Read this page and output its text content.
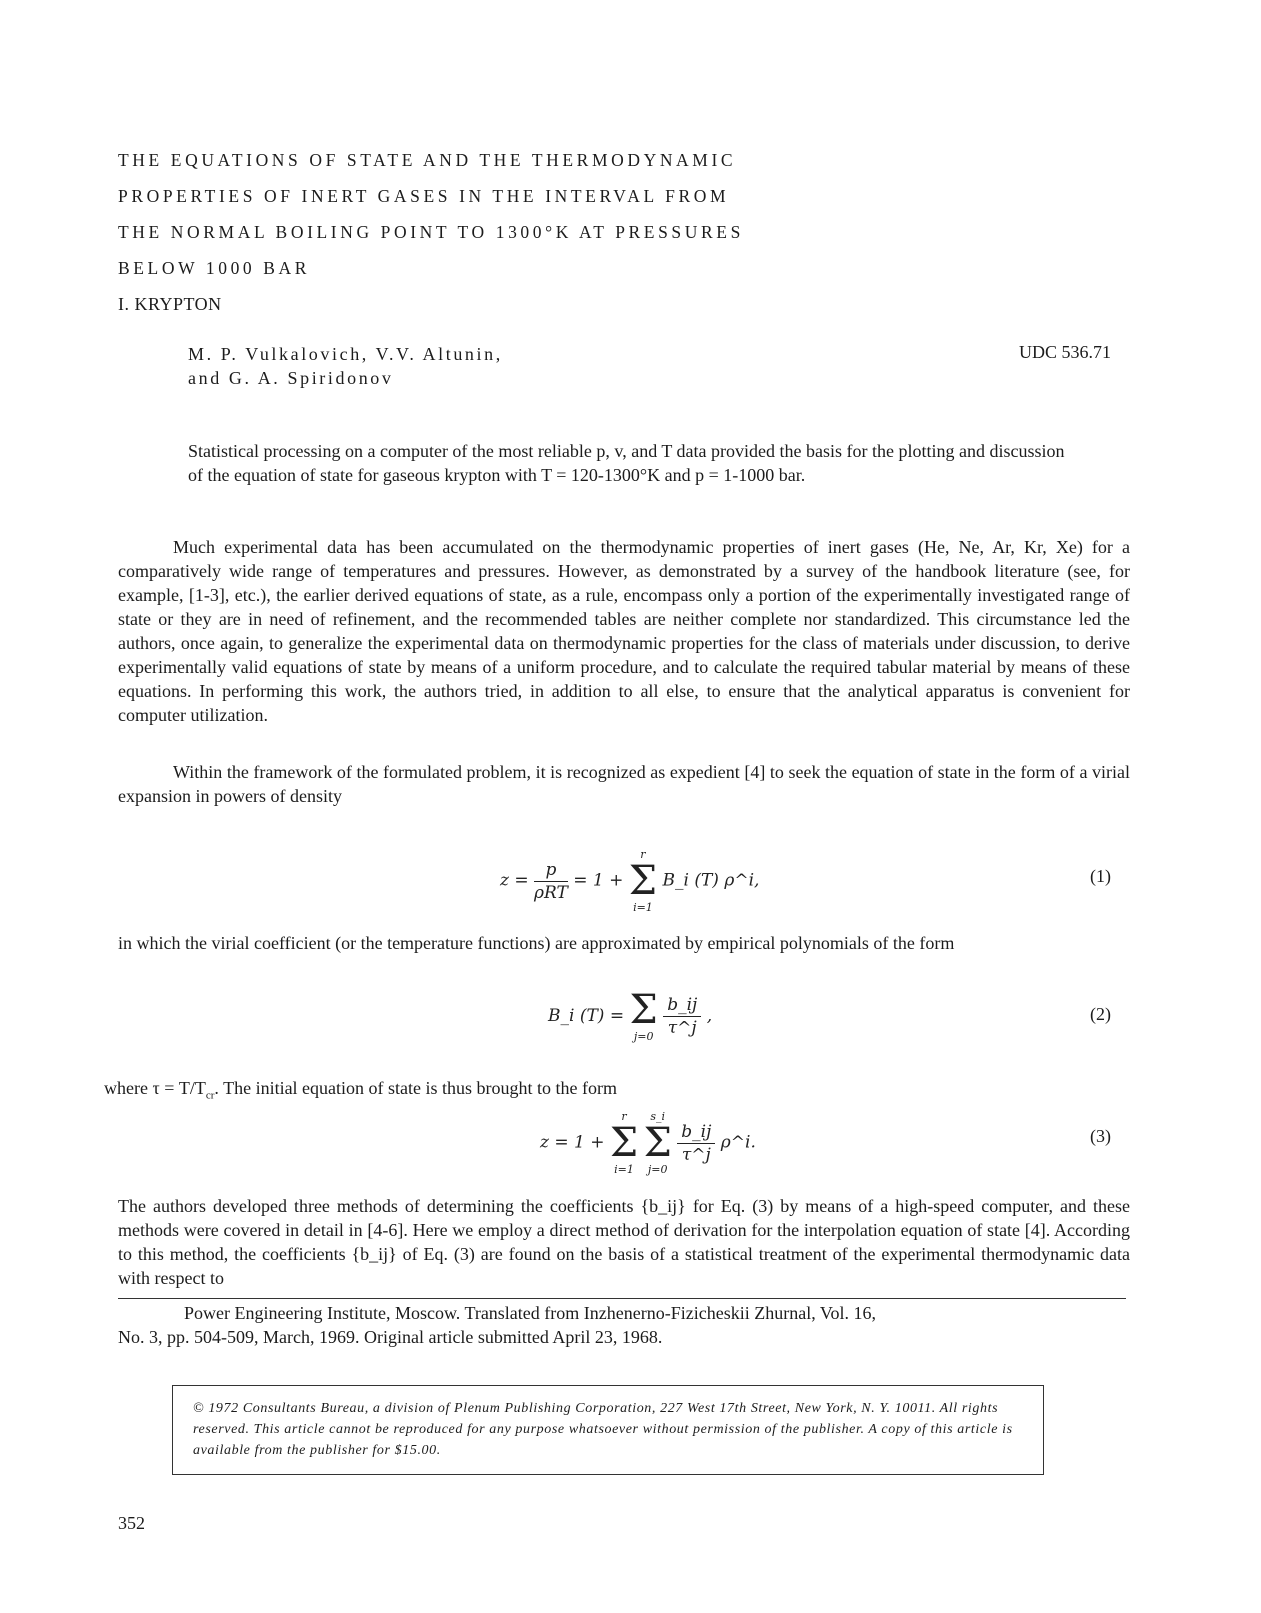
THE EQUATIONS OF STATE AND THE THERMODYNAMIC
PROPERTIES OF INERT GASES IN THE INTERVAL FROM
THE NORMAL BOILING POINT TO 1300°K AT PRESSURES
BELOW 1000 BAR
I. KRYPTON
M. P. Vulkalovich, V.V. Altunin,
and G. A. Spiridonov
UDC 536.71
Statistical processing on a computer of the most reliable p, v, and T data provided the basis for the plotting and discussion of the equation of state for gaseous krypton with T = 120-1300°K and p = 1-1000 bar.
Much experimental data has been accumulated on the thermodynamic properties of inert gases (He, Ne, Ar, Kr, Xe) for a comparatively wide range of temperatures and pressures. However, as demonstrated by a survey of the handbook literature (see, for example, [1-3], etc.), the earlier derived equations of state, as a rule, encompass only a portion of the experimentally investigated range of state or they are in need of refinement, and the recommended tables are neither complete nor standardized. This circumstance led the authors, once again, to generalize the experimental data on thermodynamic properties for the class of materials under discussion, to derive experimentally valid equations of state by means of a uniform procedure, and to calculate the required tabular material by means of these equations. In performing this work, the authors tried, in addition to all else, to ensure that the analytical apparatus is convenient for computer utilization.
Within the framework of the formulated problem, it is recognized as expedient [4] to seek the equation of state in the form of a virial expansion in powers of density
$z = \frac{p}{\text{ρRT}} = 1$ +
r
Σ
i=1
B_i (T) ρ^i,	(1)
in which the virial coefficient (or the temperature functions) are approximated by empirical polynomials of the form
B_i (T) = Σ
j=0
$\frac{b\_ij}{\tau\^{}j}$ ,	(2)
where $\tau = T/T_{cr}$. The initial equation of state is thus brought to the form
z = 1 +
r
Σ
i=1

s_i
Σ
j=0

$\frac{b\_ij}{\tau\^{}j}$ ρ^i.	(3)
The authors developed three methods of determining the coefficients {b_ij} for Eq. (3) by means of a high-speed computer, and these methods were covered in detail in [4-6]. Here we employ a direct method of derivation for the interpolation equation of state [4]. According to this method, the coefficients {b_ij} of Eq. (3) are found on the basis of a statistical treatment of the experimental thermodynamic data with respect to
Power Engineering Institute, Moscow. Translated from Inzhenerno-Fizicheskii Zhurnal, Vol. 16,
No. 3, pp. 504-509, March, 1969. Original article submitted April 23, 1968.
© 1972 Consultants Bureau, a division of Plenum Publishing Corporation, 227 West 17th Street, New York, N. Y. 10011. All rights reserved. This article cannot be reproduced for any purpose whatsoever without permission of the publisher. A copy of this article is available from the publisher for $15.00.
352
